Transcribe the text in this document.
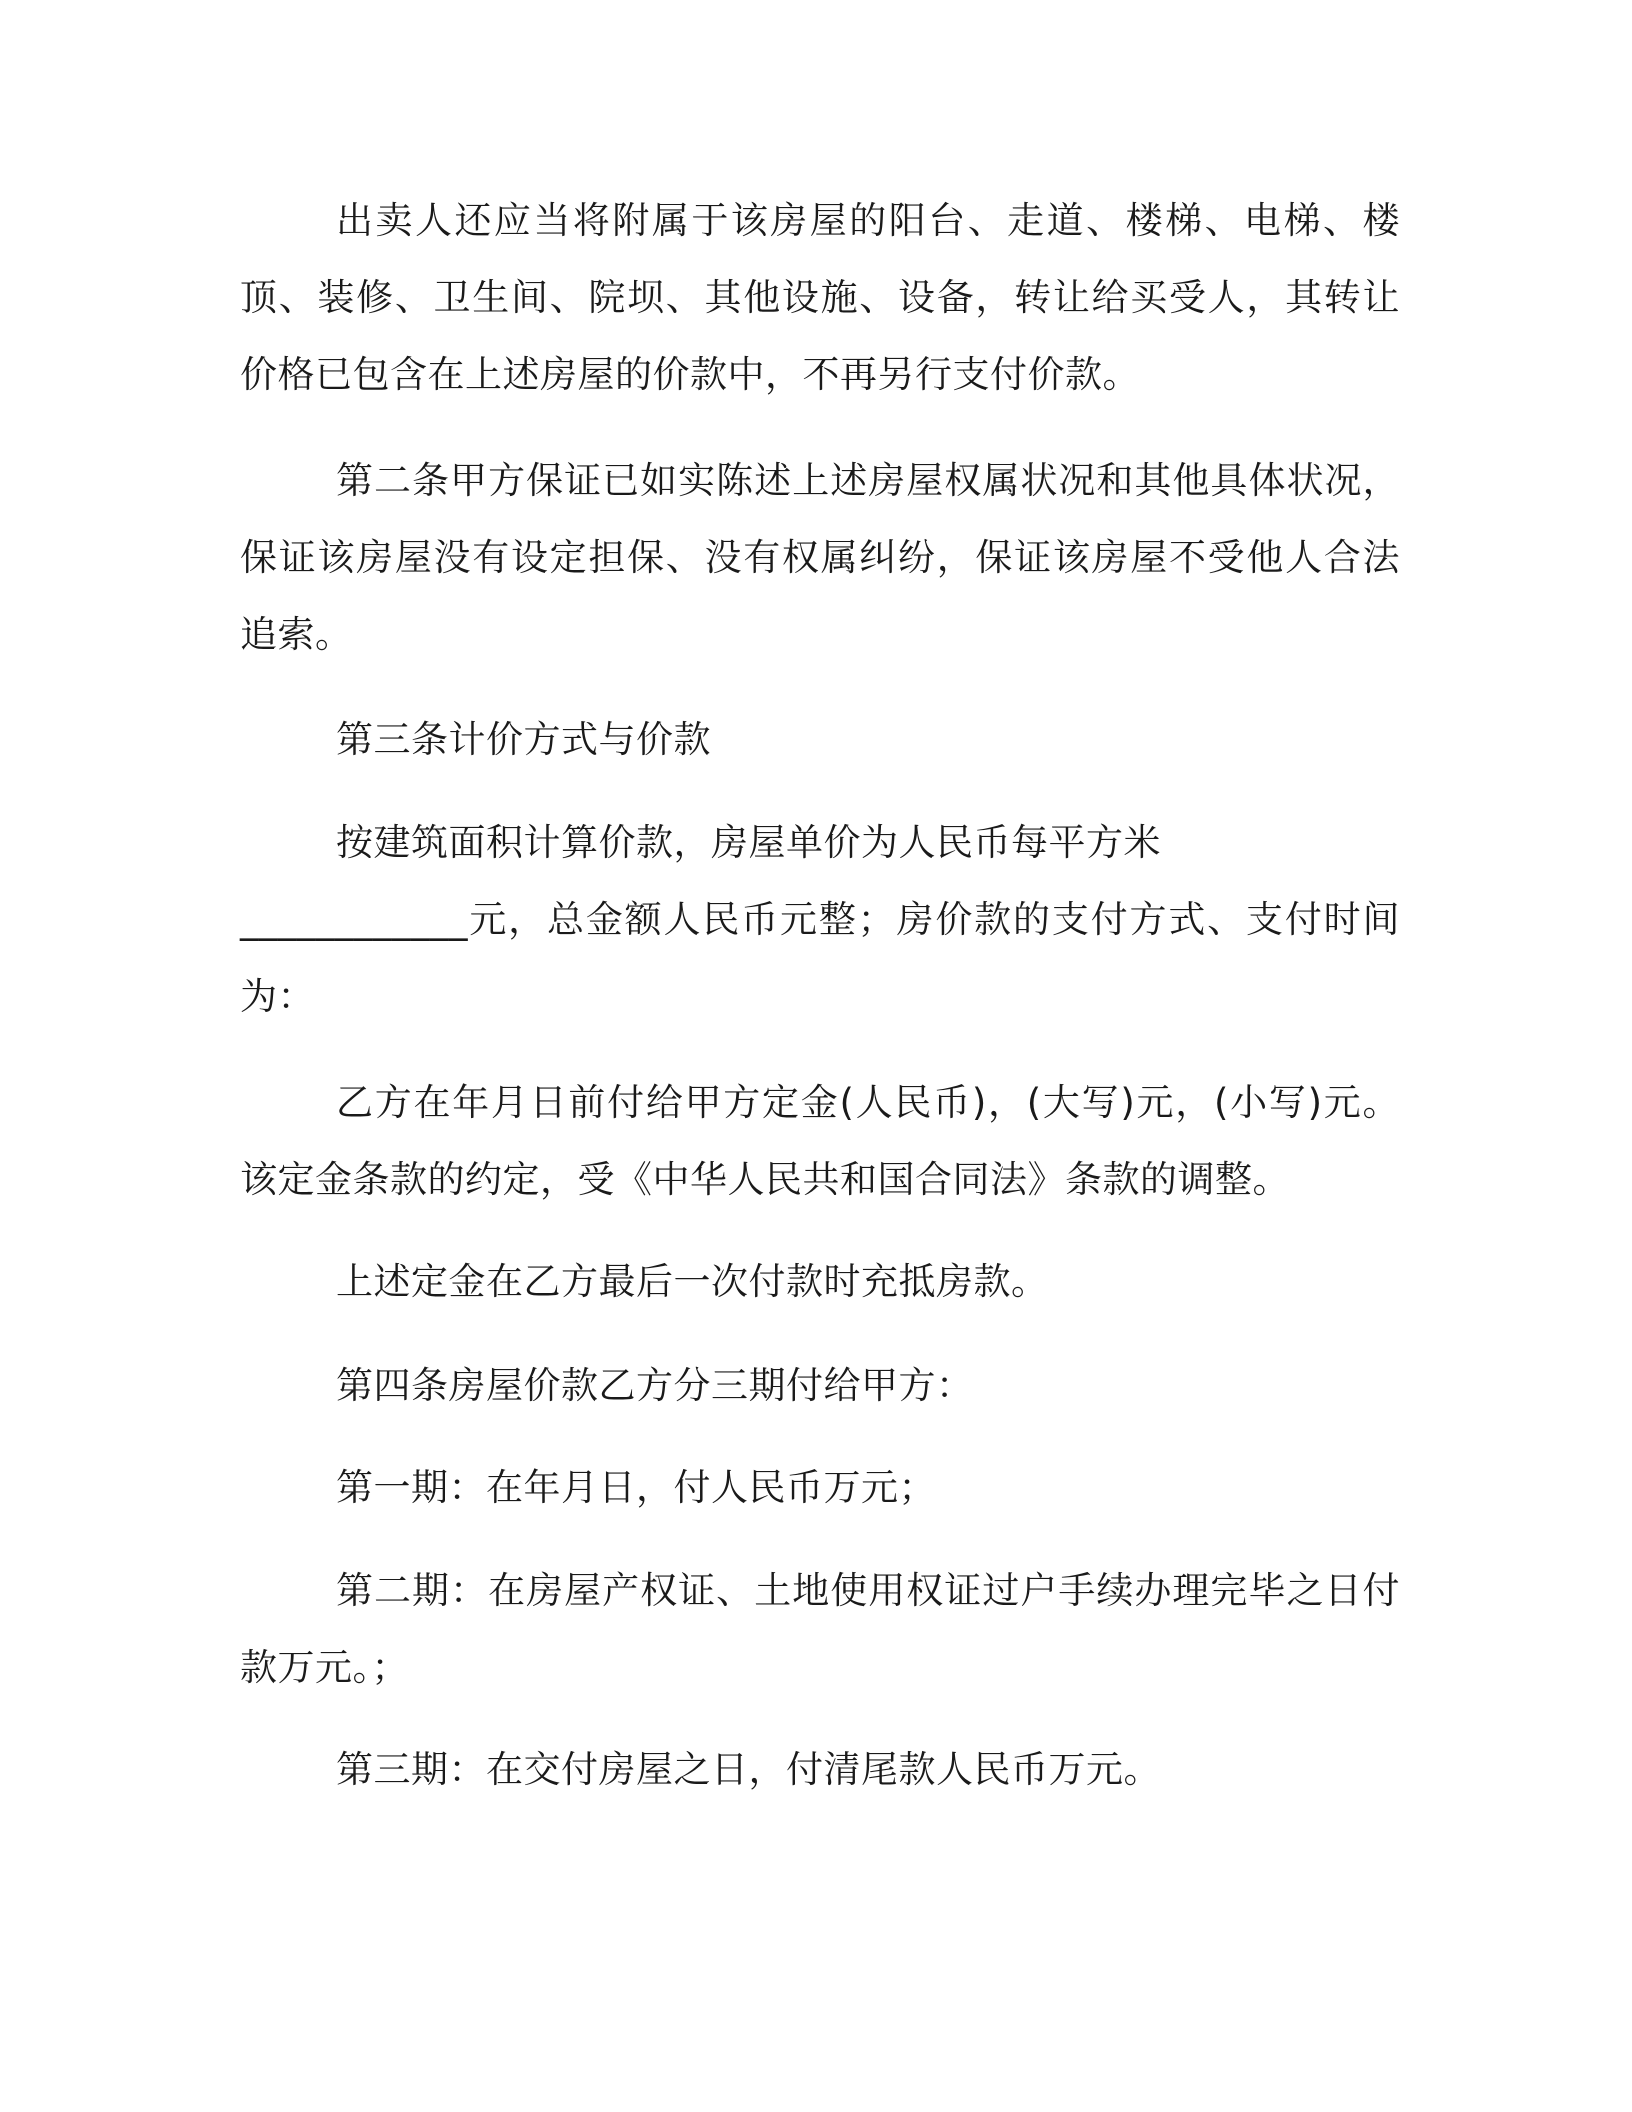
出卖人还应当将附属于该房屋的阳台、走道、楼梯、电梯、楼顶、装修、卫生间、院坝、其他设施、设备，转让给买受人，其转让价格已包含在上述房屋的价款中，不再另行支付价款。

第二条甲方保证已如实陈述上述房屋权属状况和其他具体状况，保证该房屋没有设定担保、没有权属纠纷，保证该房屋不受他人合法追索。

第三条计价方式与价款

按建筑面积计算价款，房屋单价为人民币每平方米
____________元，总金额人民币元整；房价款的支付方式、支付时间为：

乙方在年月日前付给甲方定金(人民币)，(大写)元，(小写)元。该定金条款的约定，受《中华人民共和国合同法》条款的调整。

上述定金在乙方最后一次付款时充抵房款。

第四条房屋价款乙方分三期付给甲方：

第一期：在年月日，付人民币万元；

第二期：在房屋产权证、土地使用权证过户手续办理完毕之日付款万元。；

第三期：在交付房屋之日，付清尾款人民币万元。
